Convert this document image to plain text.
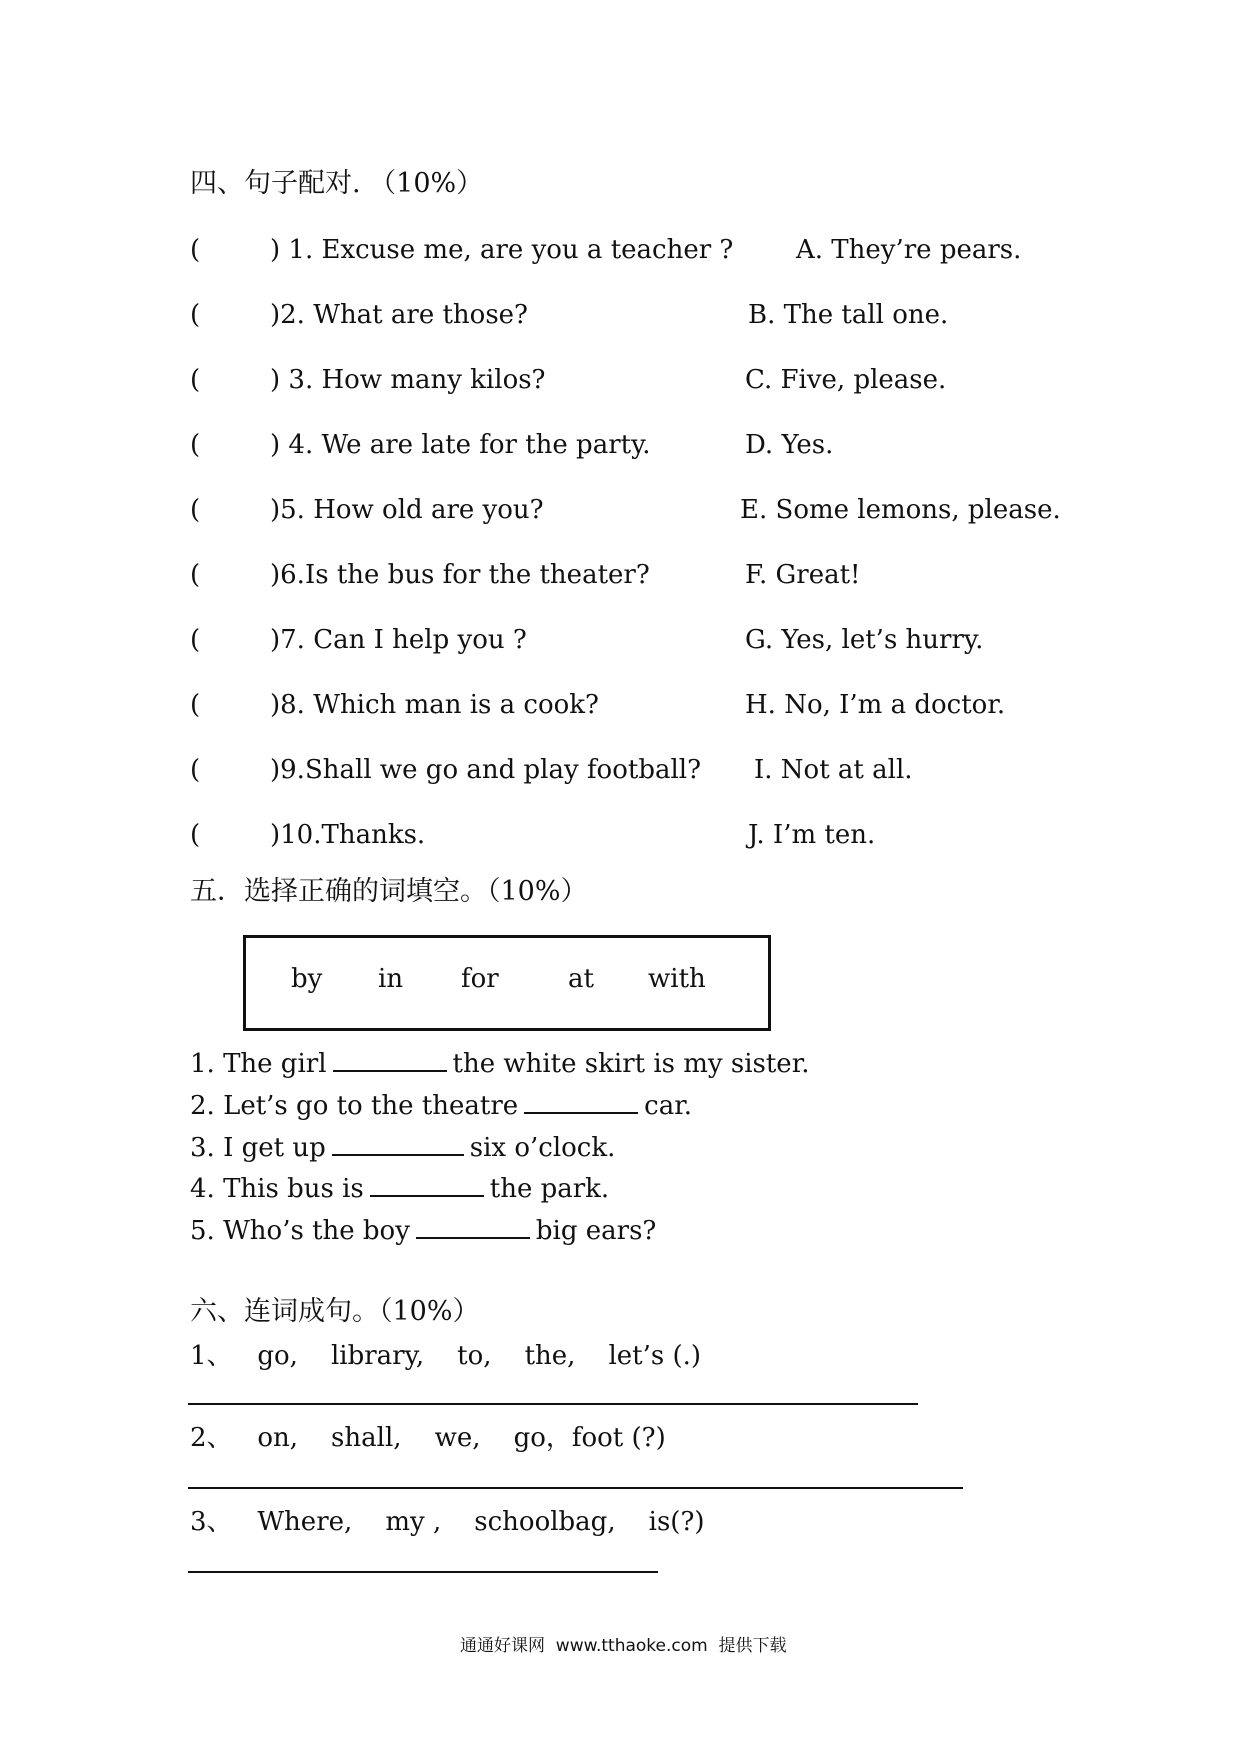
四、句子配对. （10%）
(	) 1. Excuse me, are you a teacher ? A. They’re pears.
(	)2. What are those?	B. The tall one.
(	) 3. How many kilos?	C. Five, please.
(	) 4. We are late for the party.	D. Yes.
(	)5. How old are you?	E. Some lemons, please.
(	)6.Is the bus for the theater?	F. Great!
(	)7. Can I help you ?	G. Yes, let’s hurry.
(	)8. Which man is a cook?	H. No, I’m a doctor.
(	)9.Shall we go and play football? I. Not at all.
(	)10.Thanks.	J. I’m ten.
五．选择正确的词填空。（10%）
by in for	at with
1. The girl	the white skirt is my sister.
2. Let’s go to the theatre	car.
3. I get up	six o’clock.
4. This bus is	the park.
5. Who’s the boy	big ears?
六、连词成句。（10%）
1、   go,    library,    to,    the,    let’s (.)
2、   on,    shall,    we,    go，foot (?)
3、   Where,    my ,    schoolbag,    is(?)
通通好课网  www.tthaoke.com  提供下载
